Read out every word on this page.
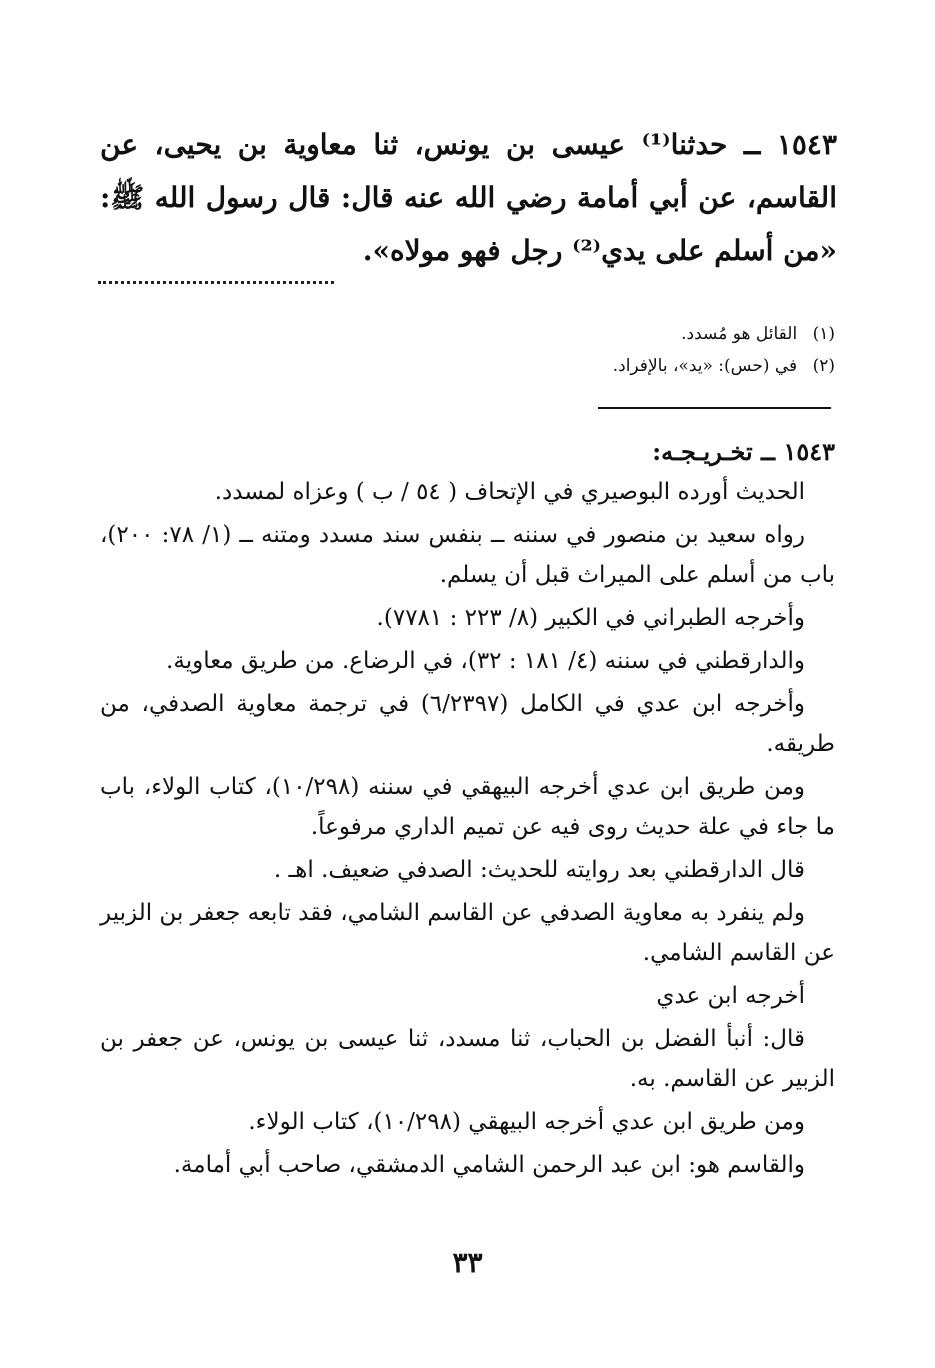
١٥٤٣ ــ حدثنا⁽¹⁾ عيسى بن يونس، ثنا معاوية بن يحيى، عن القاسم، عن أبي أمامة رضي الله عنه قال: قال رسول الله ﷺ: «من أسلم على يدي⁽²⁾ رجل فهو مولاه».
(١) القائل هو مُسدد.
(٢) في (حس): «يد»، بالإفراد.
١٥٤٣ ــ تخـريـجـه:

الحديث أورده البوصيري في الإتحاف ( ٥٤ / ب ) وعزاه لمسدد.

رواه سعيد بن منصور في سننه ــ بنفس سند مسدد ومتنه ــ (١/ ٧٨: ٢٠٠)، باب من أسلم على الميراث قبل أن يسلم.

وأخرجه الطبراني في الكبير (٨/ ٢٢٣ : ٧٧٨١).

والدارقطني في سننه (٤/ ١٨١ : ٣٢)، في الرضاع. من طريق معاوية.

وأخرجه ابن عدي في الكامل (٦/٢٣٩٧) في ترجمة معاوية الصدفي، من طريقه.

ومن طريق ابن عدي أخرجه البيهقي في سننه (١٠/٢٩٨)، كتاب الولاء، باب ما جاء في علة حديث روى فيه عن تميم الداري مرفوعاً.

قال الدارقطني بعد روايته للحديث: الصدفي ضعيف. اهـ .

ولم ينفرد به معاوية الصدفي عن القاسم الشامي، فقد تابعه جعفر بن الزبير عن القاسم الشامي.

أخرجه ابن عدي

قال: أنبأ الفضل بن الحباب، ثنا مسدد، ثنا عيسى بن يونس، عن جعفر بن الزبير عن القاسم. به.

ومن طريق ابن عدي أخرجه البيهقي (١٠/٢٩٨)، كتاب الولاء.

والقاسم هو: ابن عبد الرحمن الشامي الدمشقي، صاحب أبي أمامة.

٣٣
